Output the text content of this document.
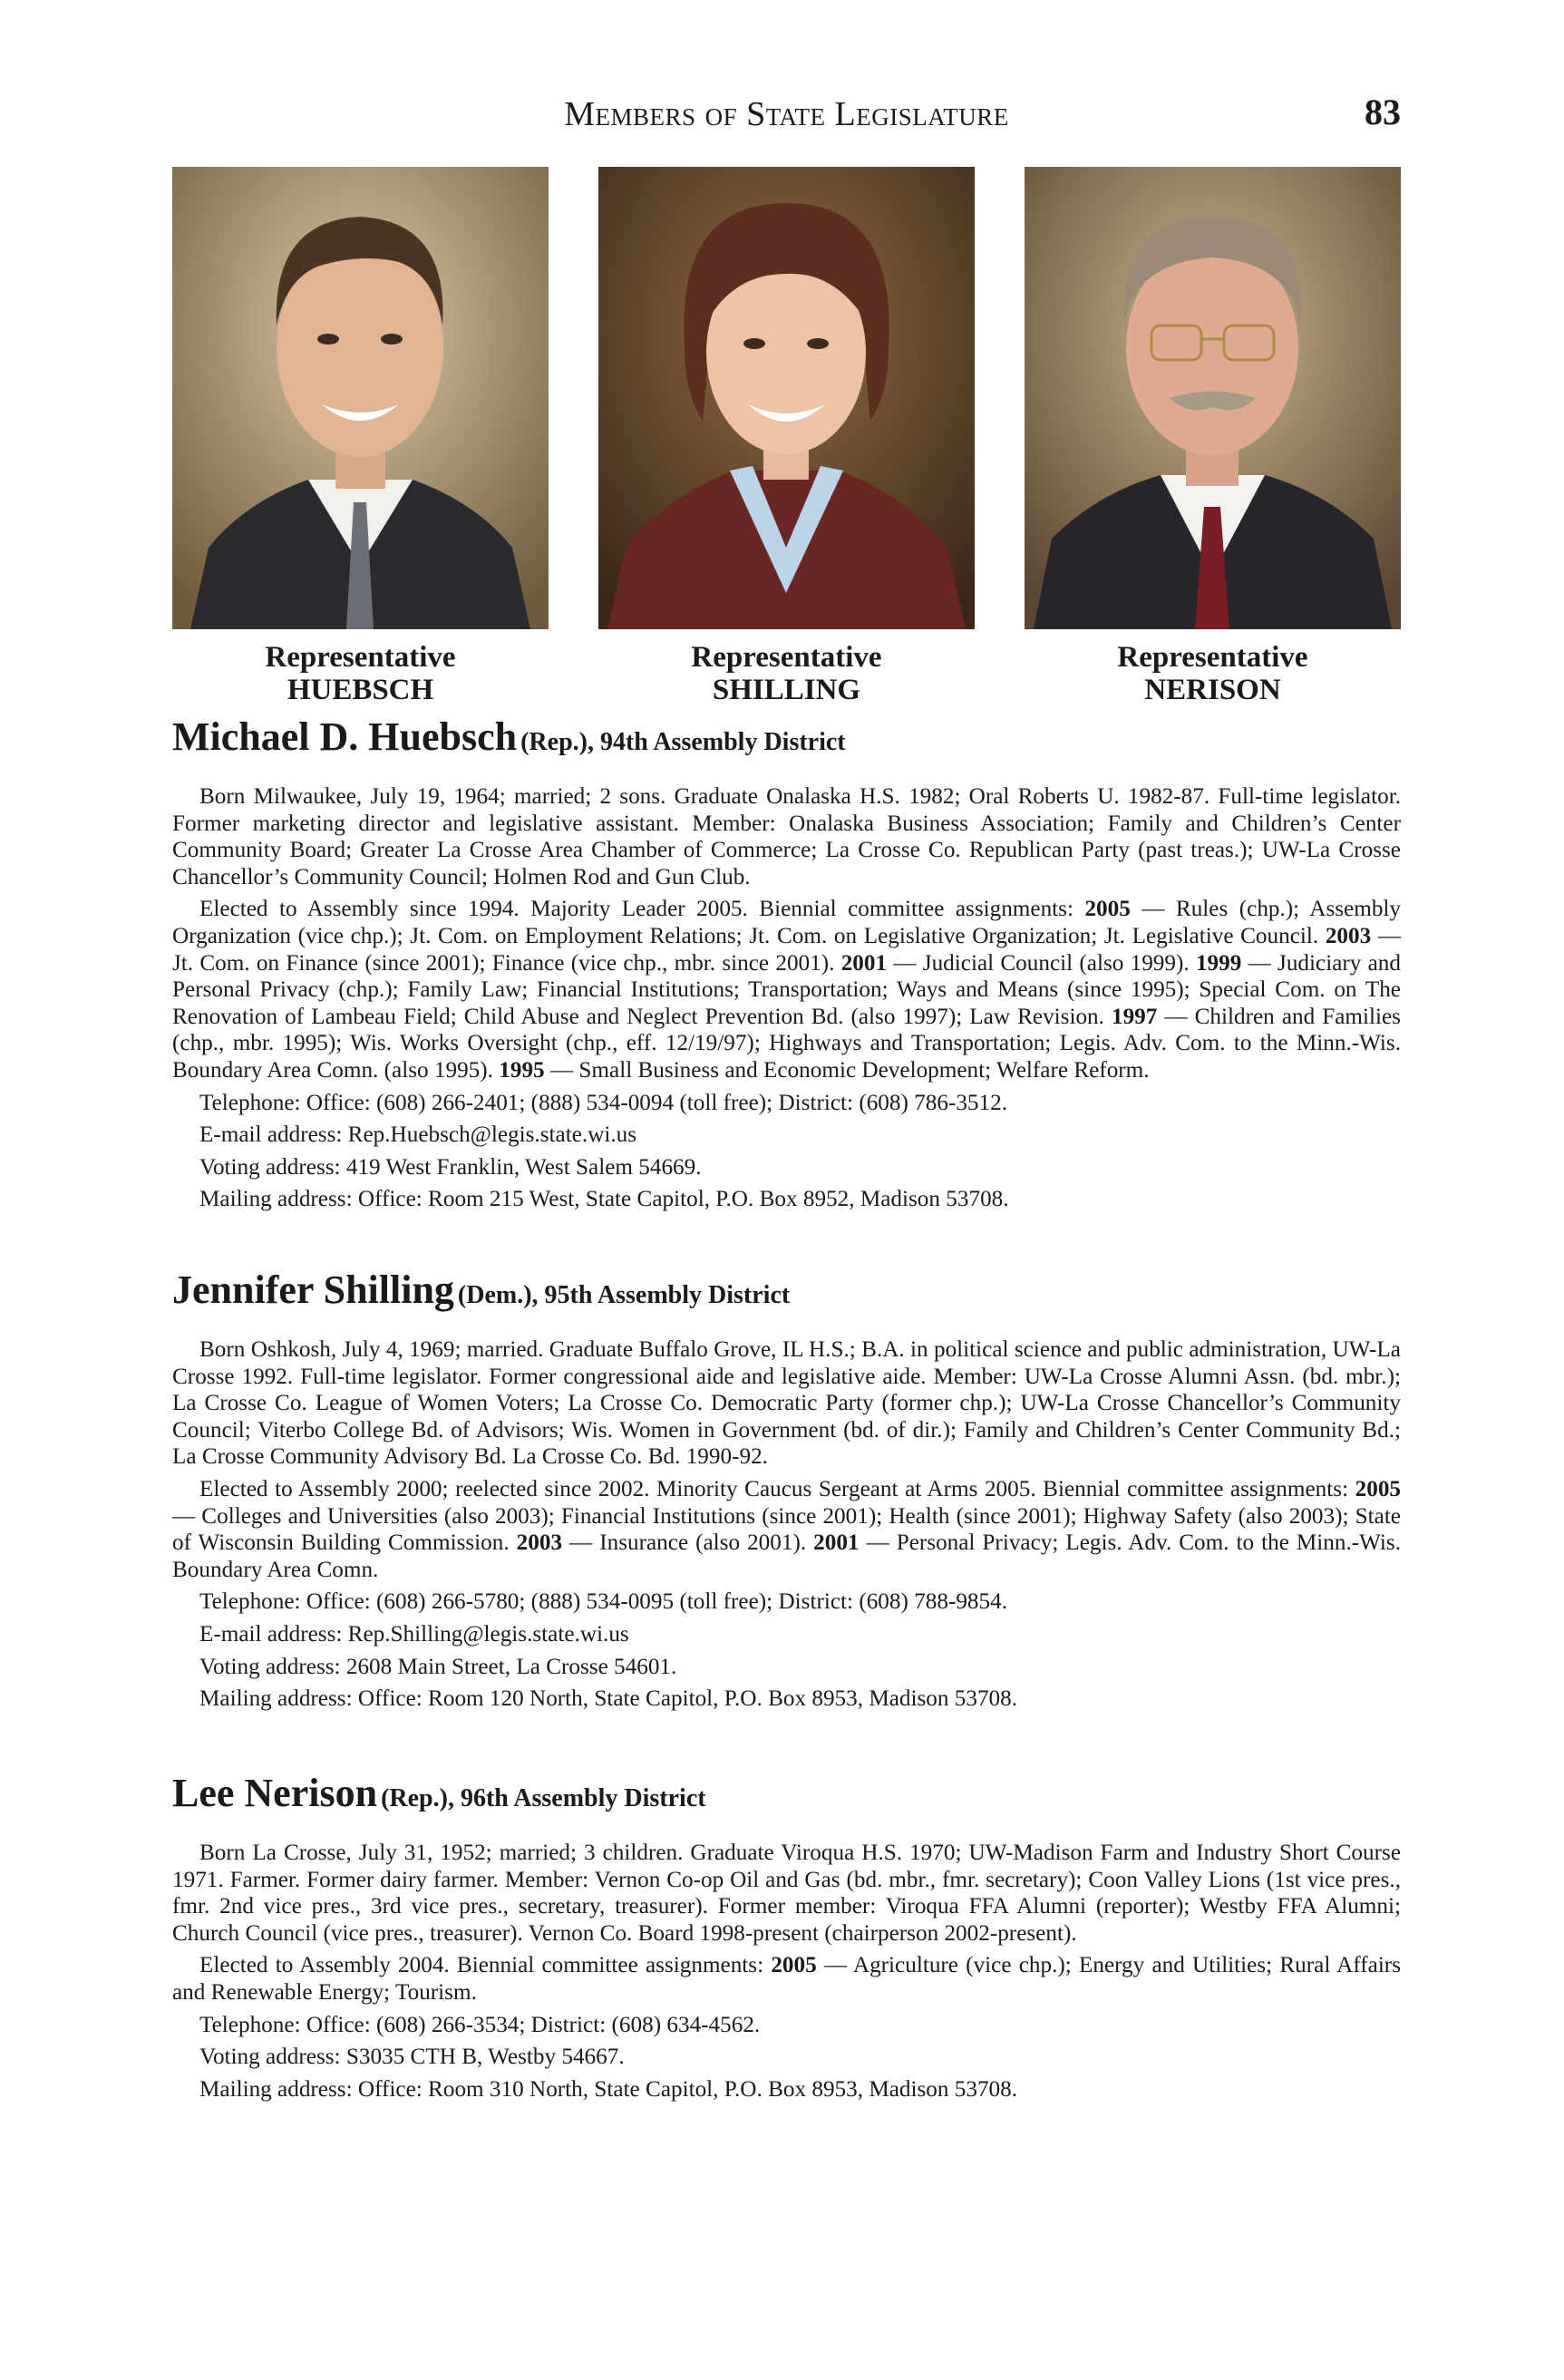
Members of State Legislature	83
Representative
HUEBSCH
Representative
SHILLING
Representative
NERISON
Michael D. Huebsch (Rep.), 94th Assembly District

Born Milwaukee, July 19, 1964; married; 2 sons. Graduate Onalaska H.S. 1982; Oral Roberts U. 1982-87. Full-time legislator. Former marketing director and legislative assistant. Member: Onalaska Business Association; Family and Children’s Center Community Board; Greater La Crosse Area Chamber of Commerce; La Crosse Co. Republican Party (past treas.); UW-La Crosse Chancellor’s Community Council; Holmen Rod and Gun Club.

Elected to Assembly since 1994. Majority Leader 2005. Biennial committee assignments: 2005 — Rules (chp.); Assembly Organization (vice chp.); Jt. Com. on Employment Relations; Jt. Com. on Legislative Organization; Jt. Legislative Council. 2003 — Jt. Com. on Finance (since 2001); Finance (vice chp., mbr. since 2001). 2001 — Judicial Council (also 1999). 1999 — Judiciary and Personal Privacy (chp.); Family Law; Financial Institutions; Transportation; Ways and Means (since 1995); Special Com. on The Renovation of Lambeau Field; Child Abuse and Neglect Prevention Bd. (also 1997); Law Revision. 1997 — Children and Families (chp., mbr. 1995); Wis. Works Oversight (chp., eff. 12/19/97); Highways and Transportation; Legis. Adv. Com. to the Minn.-Wis. Boundary Area Comn. (also 1995). 1995 — Small Business and Economic Development; Welfare Reform.

Telephone: Office: (608) 266-2401; (888) 534-0094 (toll free); District: (608) 786-3512.
E-mail address: Rep.Huebsch@legis.state.wi.us
Voting address: 419 West Franklin, West Salem 54669.
Mailing address: Office: Room 215 West, State Capitol, P.O. Box 8952, Madison 53708.
Jennifer Shilling (Dem.), 95th Assembly District

Born Oshkosh, July 4, 1969; married. Graduate Buffalo Grove, IL H.S.; B.A. in political science and public administration, UW-La Crosse 1992. Full-time legislator. Former congressional aide and legislative aide. Member: UW-La Crosse Alumni Assn. (bd. mbr.); La Crosse Co. League of Women Voters; La Crosse Co. Democratic Party (former chp.); UW-La Crosse Chancellor’s Community Council; Viterbo College Bd. of Advisors; Wis. Women in Government (bd. of dir.); Family and Children’s Center Community Bd.; La Crosse Community Advisory Bd. La Crosse Co. Bd. 1990-92.

Elected to Assembly 2000; reelected since 2002. Minority Caucus Sergeant at Arms 2005. Biennial committee assignments: 2005 — Colleges and Universities (also 2003); Financial Institutions (since 2001); Health (since 2001); Highway Safety (also 2003); State of Wisconsin Building Commission. 2003 — Insurance (also 2001). 2001 — Personal Privacy; Legis. Adv. Com. to the Minn.-Wis. Boundary Area Comn.

Telephone: Office: (608) 266-5780; (888) 534-0095 (toll free); District: (608) 788-9854.
E-mail address: Rep.Shilling@legis.state.wi.us
Voting address: 2608 Main Street, La Crosse 54601.
Mailing address: Office: Room 120 North, State Capitol, P.O. Box 8953, Madison 53708.
Lee Nerison (Rep.), 96th Assembly District

Born La Crosse, July 31, 1952; married; 3 children. Graduate Viroqua H.S. 1970; UW-Madison Farm and Industry Short Course 1971. Farmer. Former dairy farmer. Member: Vernon Co-op Oil and Gas (bd. mbr., fmr. secretary); Coon Valley Lions (1st vice pres., fmr. 2nd vice pres., 3rd vice pres., secretary, treasurer). Former member: Viroqua FFA Alumni (reporter); Westby FFA Alumni; Church Council (vice pres., treasurer). Vernon Co. Board 1998-present (chairperson 2002-present).

Elected to Assembly 2004. Biennial committee assignments: 2005 — Agriculture (vice chp.); Energy and Utilities; Rural Affairs and Renewable Energy; Tourism.

Telephone: Office: (608) 266-3534; District: (608) 634-4562.
Voting address: S3035 CTH B, Westby 54667.
Mailing address: Office: Room 310 North, State Capitol, P.O. Box 8953, Madison 53708.
